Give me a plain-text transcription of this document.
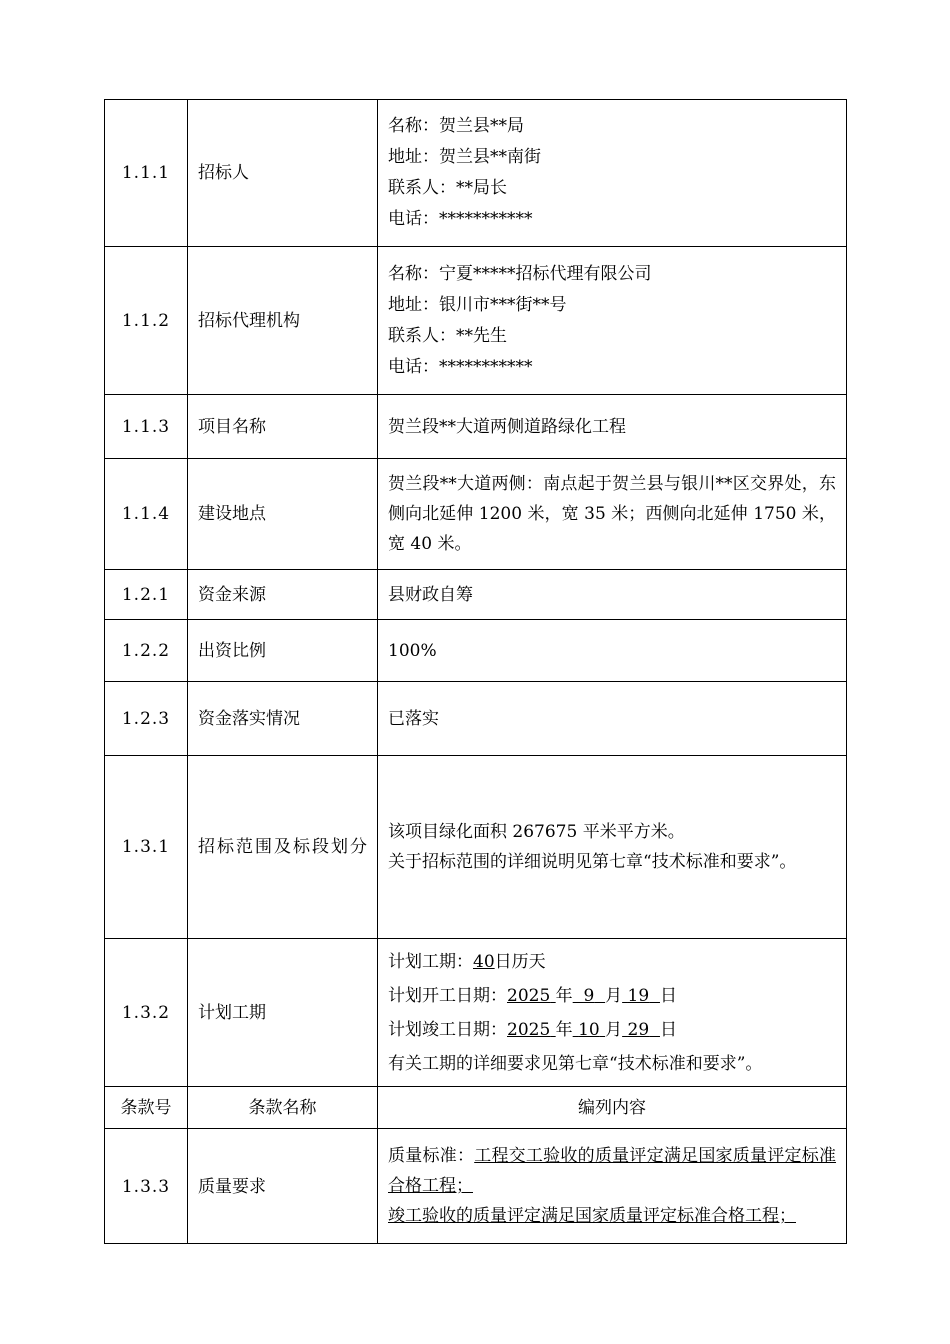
1.1.1	招标人	名称：贺兰县**局
地址：贺兰县**南街
联系人：**局长
电话：***********

1.1.2	招标代理机构	名称：宁夏*****招标代理有限公司
地址：银川市***街**号
联系人：**先生
电话：***********

1.1.3	项目名称	贺兰段**大道两侧道路绿化工程
1.1.4	建设地点	贺兰段**大道两侧：南点起于贺兰县与银川**区交界处，东侧向北延伸 1200 米，宽 35 米；西侧向北延伸 1750 米，宽 40 米。
1.2.1	资金来源	县财政自筹
1.2.2	出资比例	100%
1.2.3	资金落实情况	已落实
1.3.1	招标范围及标段划分	该项目绿化面积 267675 平米平方米。
关于招标范围的详细说明见第七章“技术标准和要求”。

1.3.2	计划工期	计划工期：40日历天
计划开工日期：2025 年 9 月 19 日
计划竣工日期：2025 年 10 月 29 日
有关工期的详细要求见第七章“技术标准和要求”。

条款号	条款名称	编列内容
1.3.3	质量要求	质量标准：工程交工验收的质量评定满足国家质量评定标准合格工程；
竣工验收的质量评定满足国家质量评定标准合格工程；
